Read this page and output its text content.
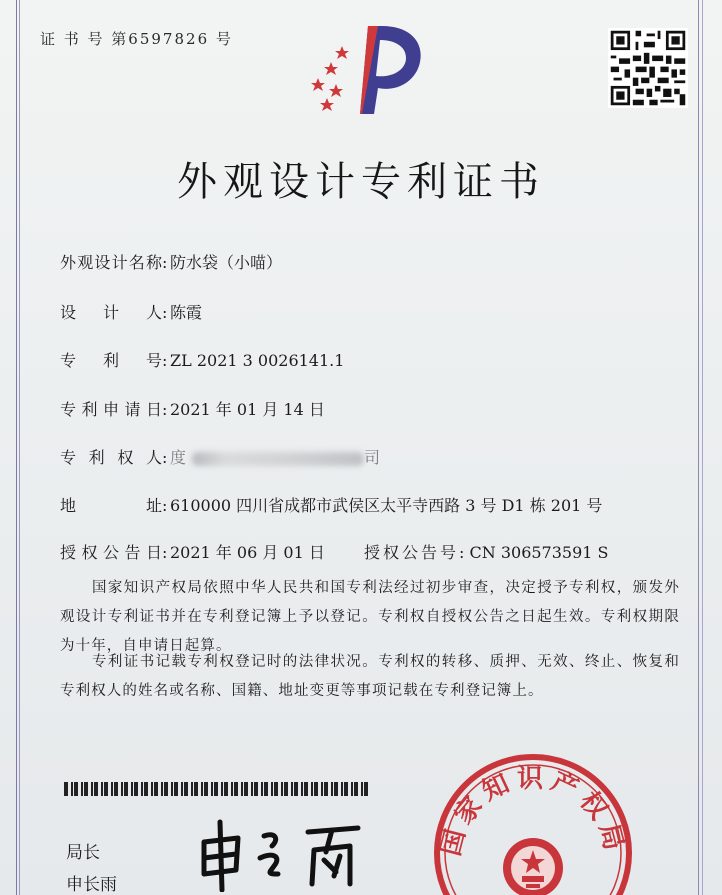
证 书 号 第6597826 号
外观设计专利证书
外观设计名称 : 防水袋（小喵）
设　计　人 : 陈霞
专　利　号 : ZL 2021 3 0026141.1
专利申请日 : 2021 年 01 月 14 日
专 利 权 人 : 度	司
地　　　址 : 610000 四川省成都市武侯区太平寺西路 3 号 D1 栋 201 号
授权公告日 : 2021 年 06 月 01 日 授权公告号: CN 306573591 S

国家知识产权局依照中华人民共和国专利法经过初步审查，决定授予专利权，颁发外观设计专利证书并在专利登记簿上予以登记。专利权自授权公告之日起生效。专利权期限为十年，自申请日起算。

专利证书记载专利权登记时的法律状况。专利权的转移、质押、无效、终止、恢复和专利权人的姓名或名称、国籍、地址变更等事项记载在专利登记簿上。

局长
申长雨
国家知识产权局
